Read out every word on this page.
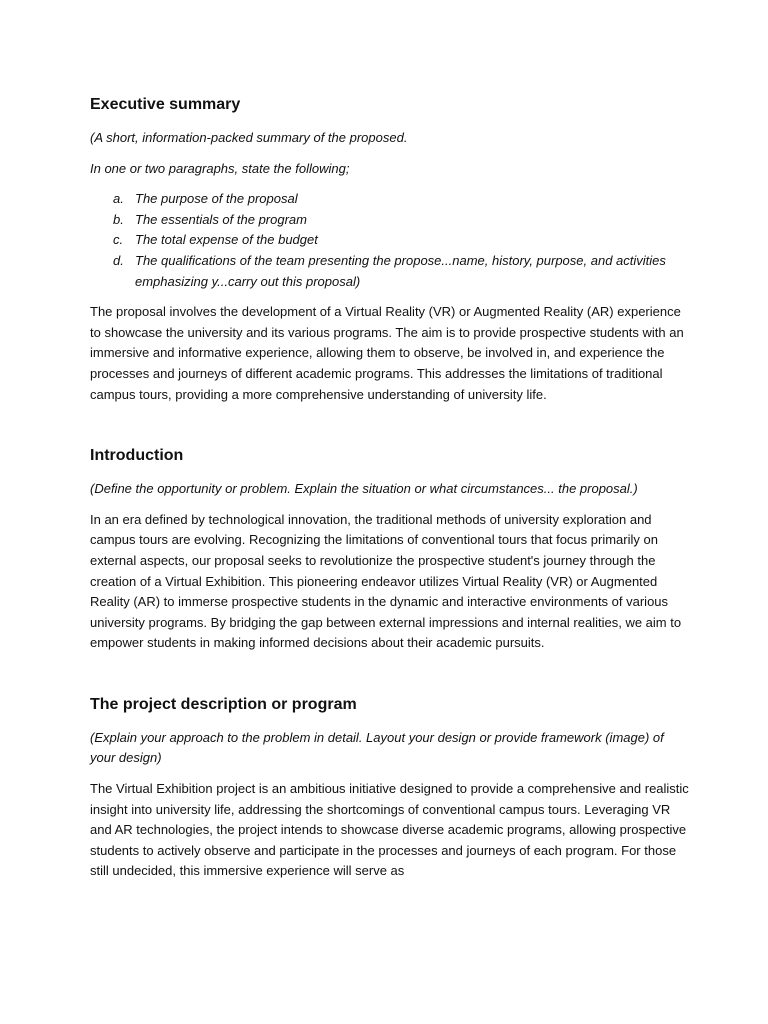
Executive summary

(A short, information-packed summary of the proposed.

In one or two paragraphs, state the following;

a. The purpose of the proposal
b. The essentials of the program
c. The total expense of the budget
d. The qualifications of the team presenting the propose...name, history, purpose, and activities emphasizing y...carry out this proposal)

The proposal involves the development of a Virtual Reality (VR) or Augmented Reality (AR) experience to showcase the university and its various programs. The aim is to provide prospective students with an immersive and informative experience, allowing them to observe, be involved in, and experience the processes and journeys of different academic programs. This addresses the limitations of traditional campus tours, providing a more comprehensive understanding of university life.

Introduction

(Define the opportunity or problem. Explain the situation or what circumstances... the proposal.)

In an era defined by technological innovation, the traditional methods of university exploration and campus tours are evolving. Recognizing the limitations of conventional tours that focus primarily on external aspects, our proposal seeks to revolutionize the prospective student's journey through the creation of a Virtual Exhibition. This pioneering endeavor utilizes Virtual Reality (VR) or Augmented Reality (AR) to immerse prospective students in the dynamic and interactive environments of various university programs. By bridging the gap between external impressions and internal realities, we aim to empower students in making informed decisions about their academic pursuits.

The project description or program

(Explain your approach to the problem in detail. Layout your design or provide framework (image) of your design)

The Virtual Exhibition project is an ambitious initiative designed to provide a comprehensive and realistic insight into university life, addressing the shortcomings of conventional campus tours. Leveraging VR and AR technologies, the project intends to showcase diverse academic programs, allowing prospective students to actively observe and participate in the processes and journeys of each program. For those still undecided, this immersive experience will serve as
